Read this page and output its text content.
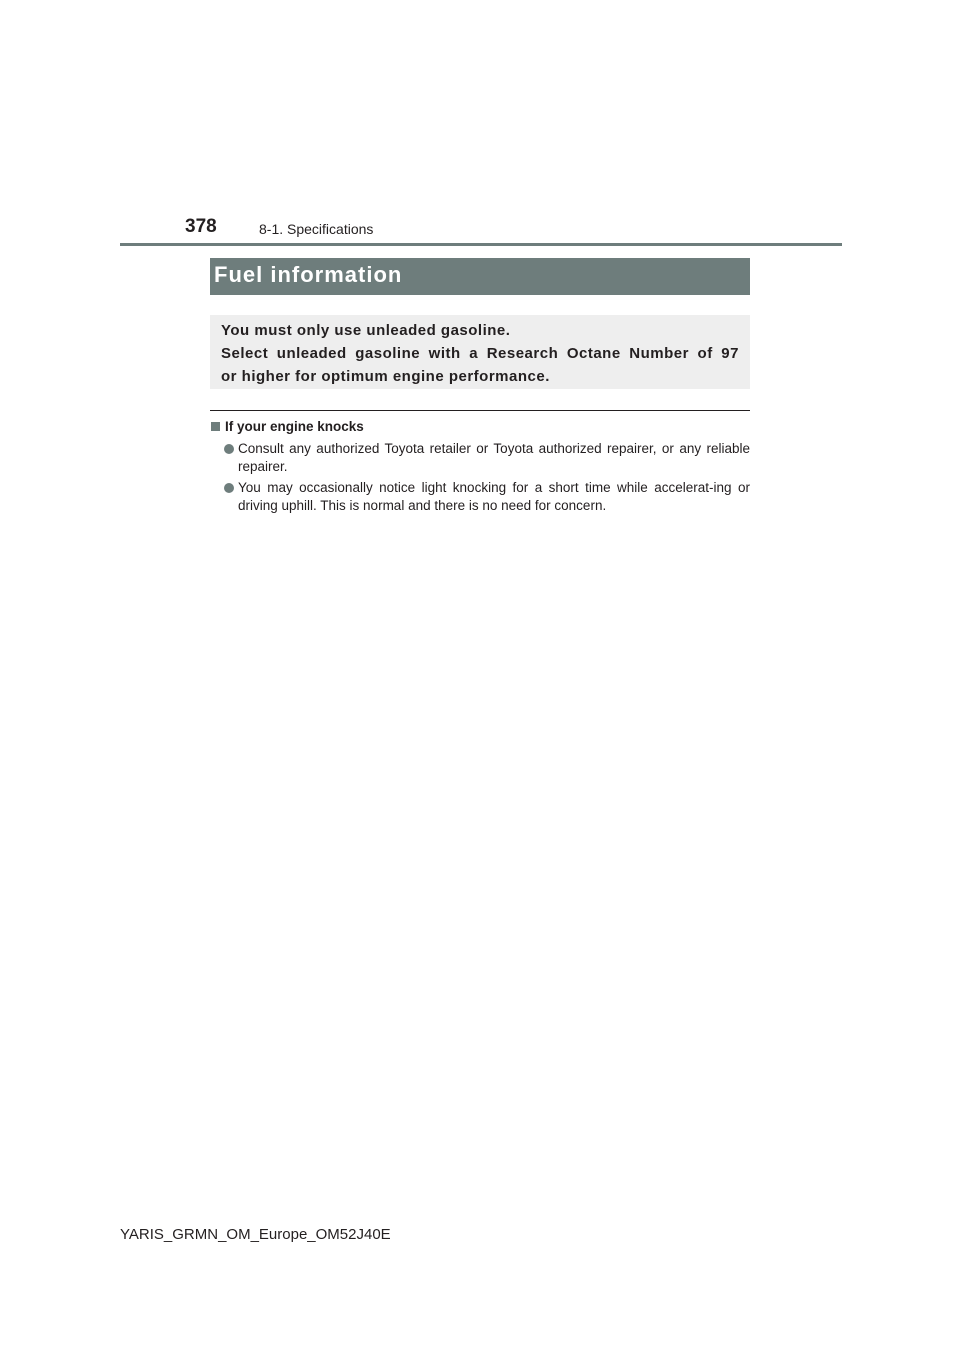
378	8-1. Specifications
Fuel information
You must only use unleaded gasoline.
Select unleaded gasoline with a Research Octane Number of 97
or higher for optimum engine performance.
If your engine knocks
Consult any authorized Toyota retailer or Toyota authorized repairer, or any reliable repairer.
You may occasionally notice light knocking for a short time while accelerat-ing or driving uphill. This is normal and there is no need for concern.
YARIS_GRMN_OM_Europe_OM52J40E
